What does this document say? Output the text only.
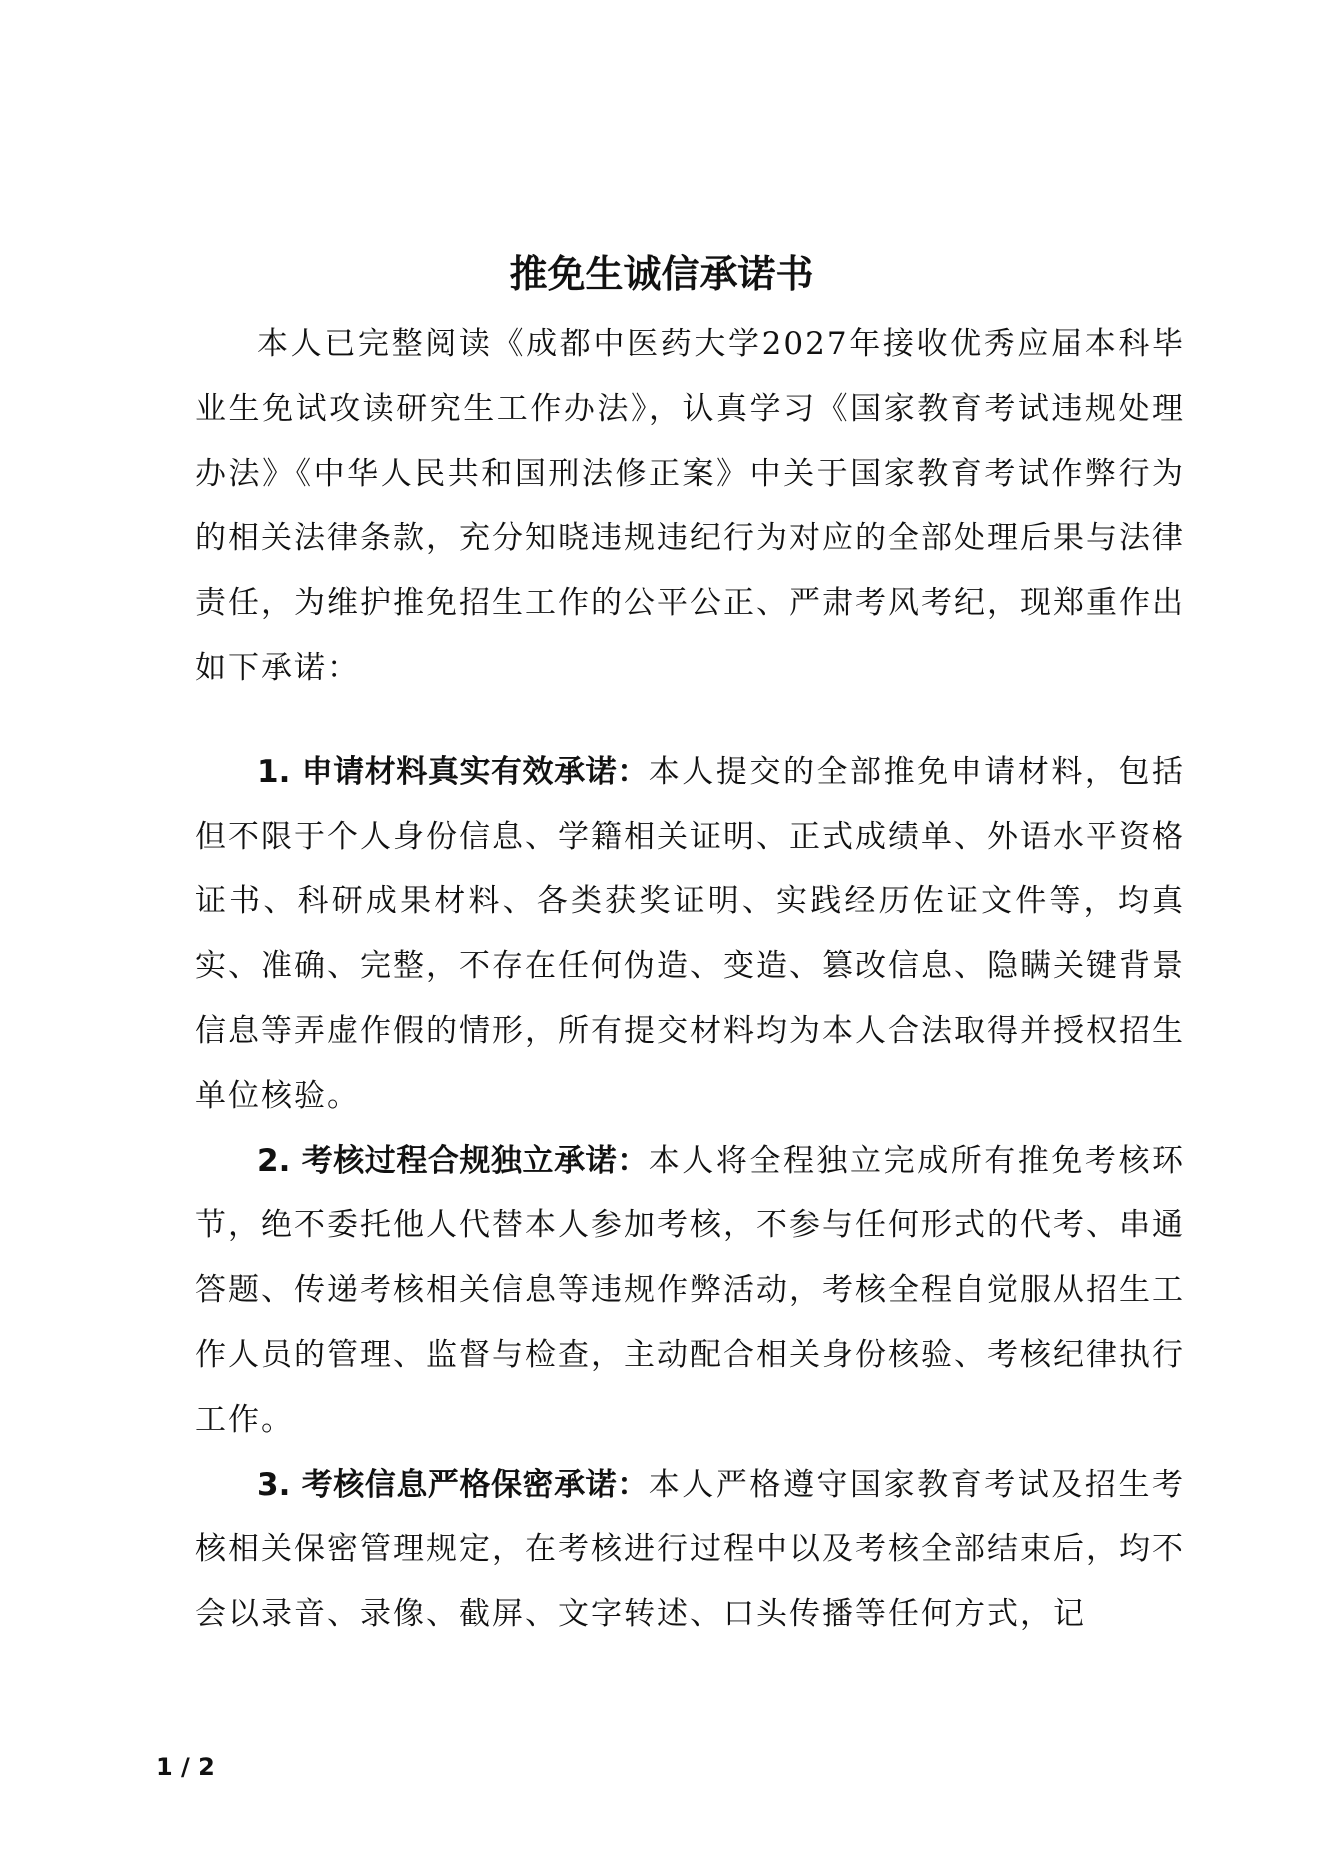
推免生诚信承诺书

本人已完整阅读《成都中医药大学2027年接收优秀应届本科毕业生免试攻读研究生工作办法》，认真学习《国家教育考试违规处理办法》《中华人民共和国刑法修正案》中关于国家教育考试作弊行为的相关法律条款，充分知晓违规违纪行为对应的全部处理后果与法律责任，为维护推免招生工作的公平公正、严肃考风考纪，现郑重作出如下承诺：

1. 申请材料真实有效承诺：本人提交的全部推免申请材料，包括但不限于个人身份信息、学籍相关证明、正式成绩单、外语水平资格证书、科研成果材料、各类获奖证明、实践经历佐证文件等，均真实、准确、完整，不存在任何伪造、变造、篡改信息、隐瞒关键背景信息等弄虚作假的情形，所有提交材料均为本人合法取得并授权招生单位核验。

2. 考核过程合规独立承诺：本人将全程独立完成所有推免考核环节，绝不委托他人代替本人参加考核，不参与任何形式的代考、串通答题、传递考核相关信息等违规作弊活动，考核全程自觉服从招生工作人员的管理、监督与检查，主动配合相关身份核验、考核纪律执行工作。

3. 考核信息严格保密承诺：本人严格遵守国家教育考试及招生考核相关保密管理规定，在考核进行过程中以及考核全部结束后，均不会以录音、录像、截屏、文字转述、口头传播等任何方式，记

1 / 2
